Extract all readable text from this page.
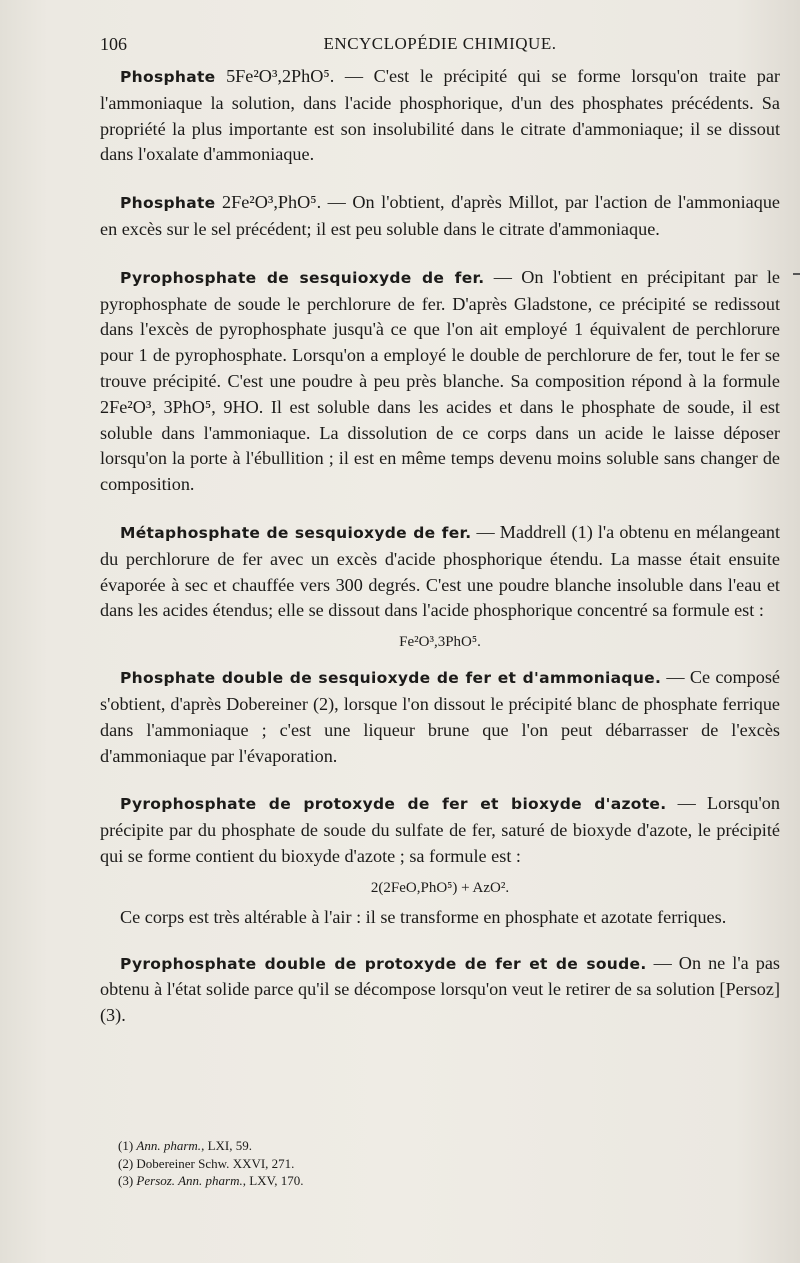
106	ENCYCLOPÉDIE CHIMIQUE.

Phosphate 5Fe²O³,2PhO⁵. — C'est le précipité qui se forme lorsqu'on traite par l'ammoniaque la solution, dans l'acide phosphorique, d'un des phosphates précédents. Sa propriété la plus importante est son insolubilité dans le citrate d'ammoniaque; il se dissout dans l'oxalate d'ammoniaque.

Phosphate 2Fe²O³,PhO⁵. — On l'obtient, d'après Millot, par l'action de l'ammoniaque en excès sur le sel précédent; il est peu soluble dans le citrate d'ammoniaque.

Pyrophosphate de sesquioxyde de fer. — On l'obtient en précipitant par le pyrophosphate de soude le perchlorure de fer. D'après Gladstone, ce précipité se redissout dans l'excès de pyrophosphate jusqu'à ce que l'on ait employé 1 équivalent de perchlorure pour 1 de pyrophosphate. Lorsqu'on a employé le double de perchlorure de fer, tout le fer se trouve précipité. C'est une poudre à peu près blanche. Sa composition répond à la formule 2Fe²O³, 3PhO⁵, 9HO. Il est soluble dans les acides et dans le phosphate de soude, il est soluble dans l'ammoniaque. La dissolution de ce corps dans un acide le laisse déposer lorsqu'on la porte à l'ébullition ; il est en même temps devenu moins soluble sans changer de composition.

Métaphosphate de sesquioxyde de fer. — Maddrell (1) l'a obtenu en mélangeant du perchlorure de fer avec un excès d'acide phosphorique étendu. La masse était ensuite évaporée à sec et chauffée vers 300 degrés. C'est une poudre blanche insoluble dans l'eau et dans les acides étendus; elle se dissout dans l'acide phosphorique concentré sa formule est :

Fe²O³,3PhO⁵.

Phosphate double de sesquioxyde de fer et d'ammoniaque. — Ce composé s'obtient, d'après Dobereiner (2), lorsque l'on dissout le précipité blanc de phosphate ferrique dans l'ammoniaque ; c'est une liqueur brune que l'on peut débarrasser de l'excès d'ammoniaque par l'évaporation.

Pyrophosphate de protoxyde de fer et bioxyde d'azote. — Lorsqu'on précipite par du phosphate de soude du sulfate de fer, saturé de bioxyde d'azote, le précipité qui se forme contient du bioxyde d'azote ; sa formule est :

2(2FeO,PhO⁵) + AzO².

Ce corps est très altérable à l'air : il se transforme en phosphate et azotate ferriques.

Pyrophosphate double de protoxyde de fer et de soude. — On ne l'a pas obtenu à l'état solide parce qu'il se décompose lorsqu'on veut le retirer de sa solution [Persoz] (3).

(1) Ann. pharm., LXI, 59.
(2) Dobereiner Schw. XXVI, 271.
(3) Persoz. Ann. pharm., LXV, 170.
